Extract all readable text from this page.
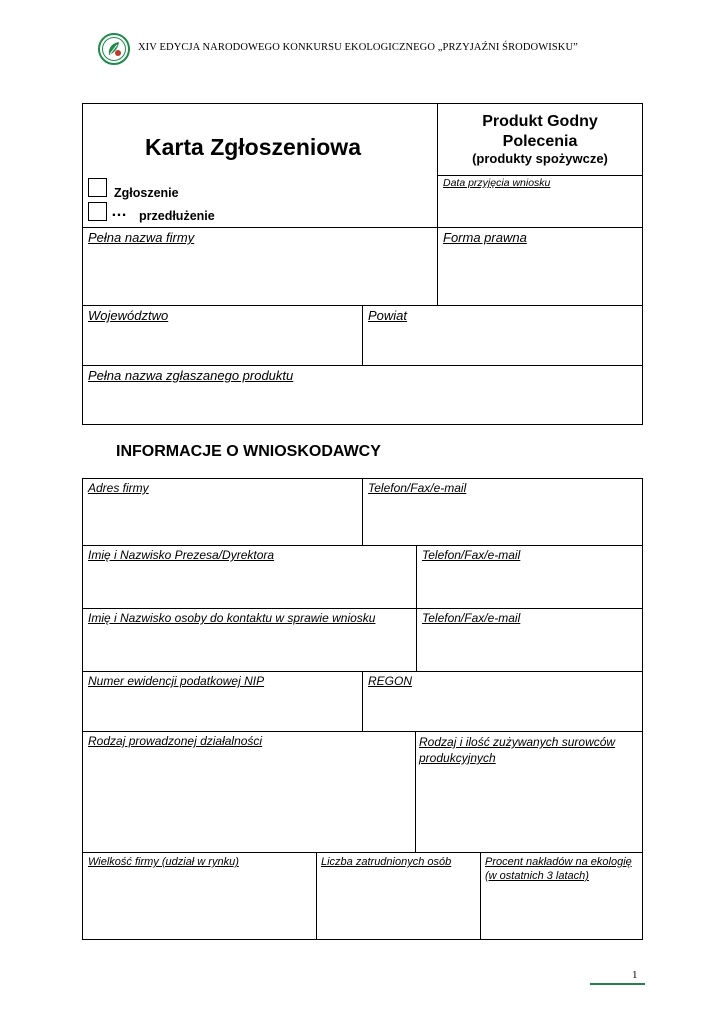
XIV EDYCJA NARODOWEGO KONKURSU EKOLOGICZNEGO „PRZYJAŹNI ŚRODOWISKU”
Karta Zgłoszeniowa
Zgłoszenie
… przedłużenie
Produkt Godny
Polecenia
(produkty spożywcze)
Data przyjęcia wniosku
Pełna nazwa firmy	Forma prawna
Województwo	Powiat
Pełna nazwa zgłaszanego produktu
INFORMACJE O WNIOSKODAWCY
Adres firmy	Telefon/Fax/e-mail
Imię i Nazwisko Prezesa/Dyrektora	Telefon/Fax/e-mail
Imię i Nazwisko osoby do kontaktu w sprawie wniosku	Telefon/Fax/e-mail
Numer ewidencji podatkowej NIP	REGON
Rodzaj prowadzonej działalności	Rodzaj i ilość zużywanych surowców produkcyjnych
Wielkość firmy (udział w rynku)	Liczba zatrudnionych osób	Procent nakładów na ekologię (w ostatnich 3 latach)
1
